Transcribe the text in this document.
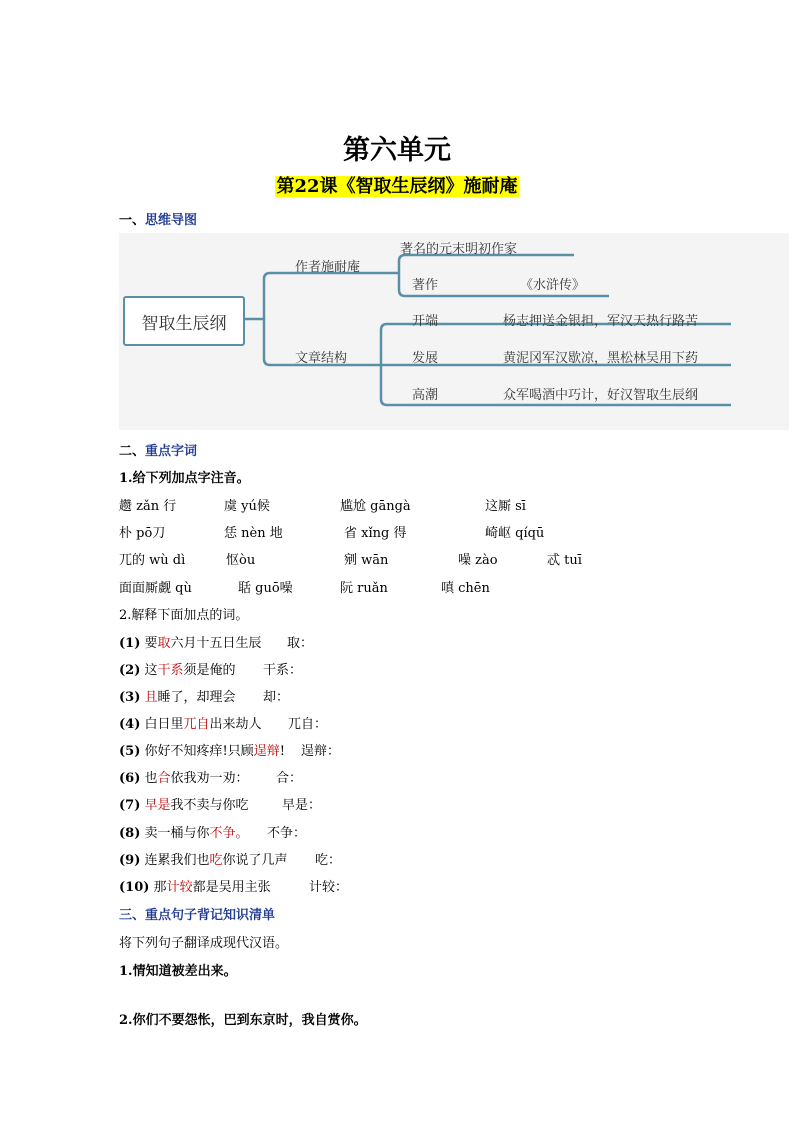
第六单元
第22课《智取生辰纲》施耐庵
一、思维导图
智取生辰纲
作者施耐庵
著名的元末明初作家
著作	《水浒传》
文章结构
开端	杨志押送金银担，军汉天热行路苦
发展	黄泥冈军汉歇凉，黑松林吴用下药
高潮	众军喝酒中巧计，好汉智取生辰纲
二、重点字词
1.给下列加点字注音。
趱 zǎn 行	虞 yú候	尴尬 gāngà	这厮 sī
朴 pō刀	恁 nèn 地	省 xǐng 得	崎岖 qíqū
兀的 wù dì	怄òu	剜 wān	噪 zào	忒 tuī
面面厮觑 qù	聒 guō噪	阮 ruǎn	嗔 chēn
2.解释下面加点的词。
(1) 要取六月十五日生辰 取：
(2) 这干系须是俺的 干系：
(3) 且睡了，却理会 却：
(4) 白日里兀自出来劫人 兀自：
(5) 你好不知疼痒!只顾逞辩! 逞辩：
(6) 也合依我劝一劝： 合：
(7) 早是我不卖与你吃	早是：
(8) 卖一桶与你不争。 不争：
(9) 连累我们也吃你说了几声 吃：
(10) 那计较都是吴用主张	计较：
三、重点句子背记知识清单
将下列句子翻译成现代汉语。
1.情知道被差出来。
2.你们不要怨怅，巴到东京时，我自赏你。
